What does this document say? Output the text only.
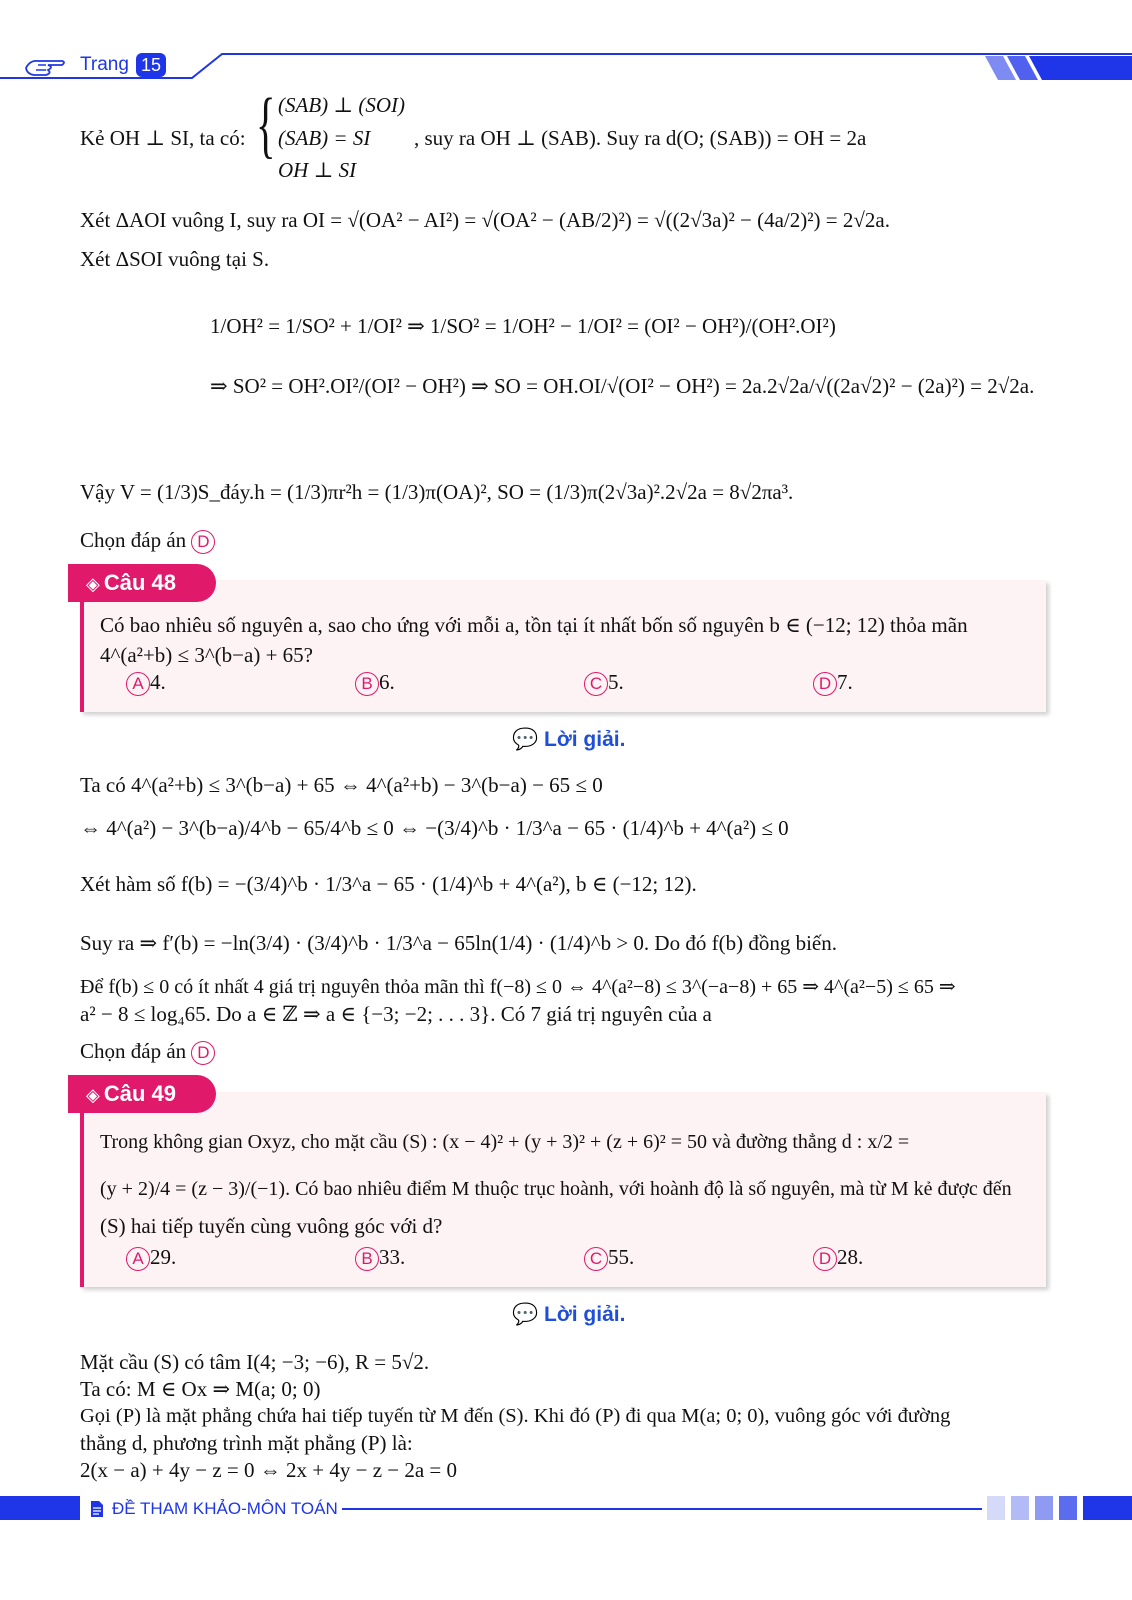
Trang 15
Kẻ OH ⊥ SI, ta có: { (SAB) ⊥ (SOI)
(SAB) = SI
OH ⊥ SI
, suy ra OH ⊥ (SAB). Suy ra d(O; (SAB)) = OH = 2a
Xét ΔAOI vuông I, suy ra OI = √(OA² − AI²) = √(OA² − (AB/2)²) = √((2√3a)² − (4a/2)²) = 2√2a.
Xét ΔSOI vuông tại S.
1/OH² = 1/SO² + 1/OI² ⇒ 1/SO² = 1/OH² − 1/OI² = (OI² − OH²)/(OH².OI²)
⇒ SO² = OH².OI²/(OI² − OH²) ⇒ SO = OH.OI/√(OI² − OH²) = 2a.2√2a/√((2a√2)² − (2a)²) = 2√2a.
Vậy V = (1/3)S_đáy.h = (1/3)πr²h = (1/3)π(OA)², SO = (1/3)π(2√3a)².2√2a = 8√2πa³.
Chọn đáp án D
◈ Câu 48
Có bao nhiêu số nguyên a, sao cho ứng với mỗi a, tồn tại ít nhất bốn số nguyên b ∈ (−12; 12) thỏa mãn
4^(a²+b) ≤ 3^(b−a) + 65?
A 4.	B 6.	C 5.	D 7.
💬 Lời giải.
Ta có 4^(a²+b) ≤ 3^(b−a) + 65 ⇔ 4^(a²+b) − 3^(b−a) − 65 ≤ 0
⇔ 4^(a²) − 3^(b−a)/4^b − 65/4^b ≤ 0 ⇔ −(3/4)^b · 1/3^a − 65 · (1/4)^b + 4^(a²) ≤ 0
Xét hàm số f(b) = −(3/4)^b · 1/3^a − 65 · (1/4)^b + 4^(a²), b ∈ (−12; 12).
Suy ra ⇒ f′(b) = −ln(3/4) · (3/4)^b · 1/3^a − 65ln(1/4) · (1/4)^b > 0. Do đó f(b) đồng biến.
Để f(b) ≤ 0 có ít nhất 4 giá trị nguyên thỏa mãn thì f(−8) ≤ 0 ⇔ 4^(a²−8) ≤ 3^(−a−8) + 65 ⇒ 4^(a²−5) ≤ 65 ⇒
a² − 8 ≤ log₄65. Do a ∈ ℤ ⇒ a ∈ {−3; −2; . . . 3}. Có 7 giá trị nguyên của a
Chọn đáp án D
◈ Câu 49
Trong không gian Oxyz, cho mặt cầu (S) : (x − 4)² + (y + 3)² + (z + 6)² = 50 và đường thẳng d : x/2 =
(y + 2)/4 = (z − 3)/(−1). Có bao nhiêu điểm M thuộc trục hoành, với hoành độ là số nguyên, mà từ M kẻ được đến
(S) hai tiếp tuyến cùng vuông góc với d?
A 29.	B 33.	C 55.	D 28.
💬 Lời giải.
Mặt cầu (S) có tâm I(4; −3; −6), R = 5√2.
Ta có: M ∈ Ox ⇒ M(a; 0; 0)
Gọi (P) là mặt phẳng chứa hai tiếp tuyến từ M đến (S). Khi đó (P) đi qua M(a; 0; 0), vuông góc với đường
thẳng d, phương trình mặt phẳng (P) là:
2(x − a) + 4y − z = 0 ⇔ 2x + 4y − z − 2a = 0
ĐỀ THAM KHẢO-MÔN TOÁN
